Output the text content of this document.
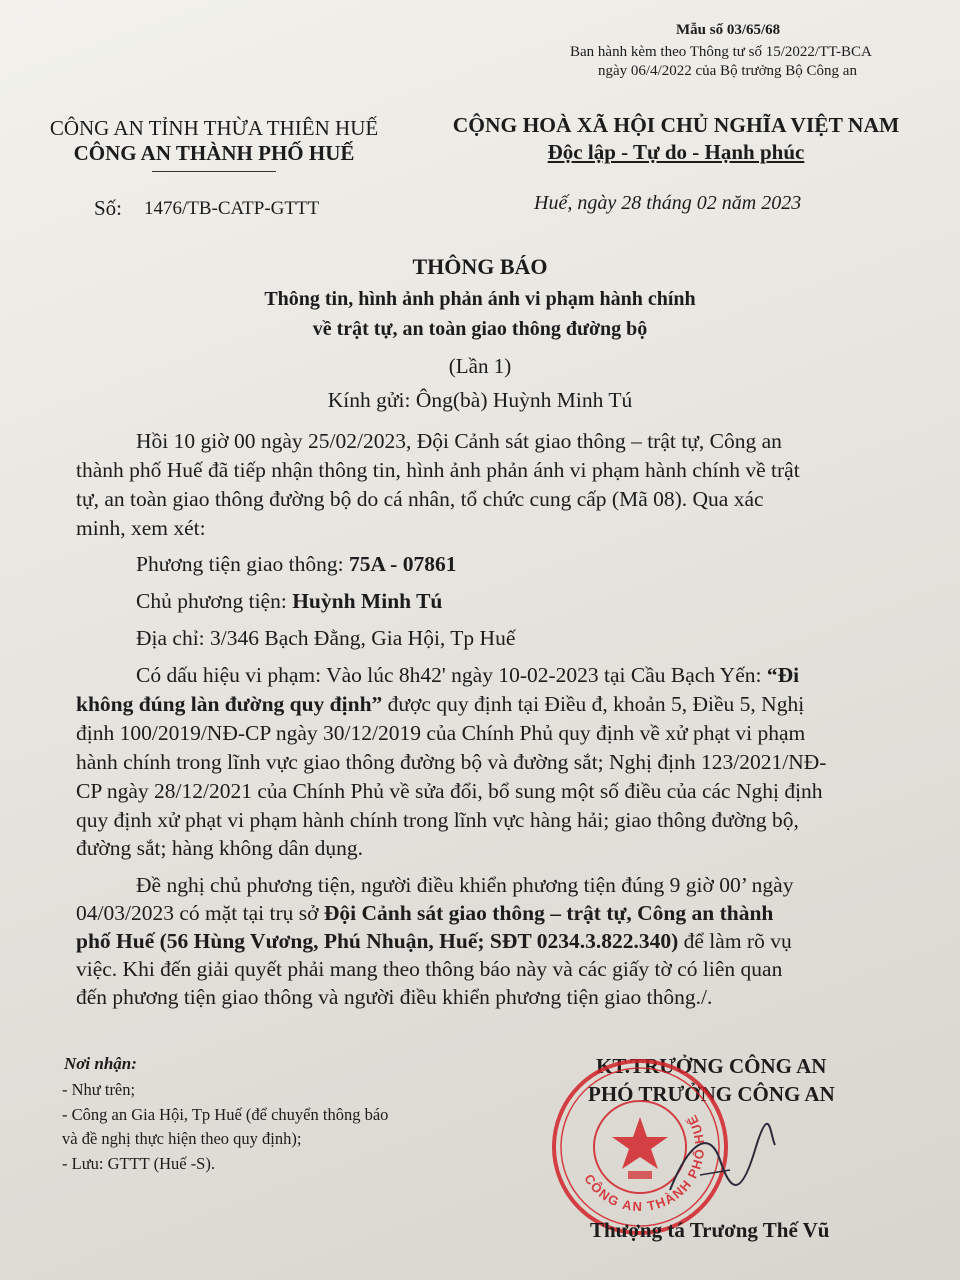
Mẫu số 03/65/68
Ban hành kèm theo Thông tư số 15/2022/TT-BCA
ngày 06/4/2022 của Bộ trưởng Bộ Công an
CÔNG AN TỈNH THỪA THIÊN HUẾ
CÔNG AN THÀNH PHỐ HUẾ
Số: 1476/TB-CATP-GTTT
CỘNG HOÀ XÃ HỘI CHỦ NGHĨA VIỆT NAM
Độc lập - Tự do - Hạnh phúc
Huế, ngày 28 tháng 02 năm 2023
THÔNG BÁO
Thông tin, hình ảnh phản ánh vi phạm hành chính
về trật tự, an toàn giao thông đường bộ
(Lần 1)
Kính gửi: Ông(bà) Huỳnh Minh Tú
Hồi 10 giờ 00 ngày 25/02/2023, Đội Cảnh sát giao thông – trật tự, Công an
thành phố Huế đã tiếp nhận thông tin, hình ảnh phản ánh vi phạm hành chính về trật
tự, an toàn giao thông đường bộ do cá nhân, tổ chức cung cấp (Mã 08). Qua xác
minh, xem xét:
Phương tiện giao thông: 75A - 07861
Chủ phương tiện: Huỳnh Minh Tú
Địa chỉ: 3/346 Bạch Đằng, Gia Hội, Tp Huế
Có dấu hiệu vi phạm: Vào lúc 8h42' ngày 10-02-2023 tại Cầu Bạch Yến: “Đi
không đúng làn đường quy định” được quy định tại Điều đ, khoản 5, Điều 5, Nghị
định 100/2019/NĐ-CP ngày 30/12/2019 của Chính Phủ quy định về xử phạt vi phạm
hành chính trong lĩnh vực giao thông đường bộ và đường sắt; Nghị định 123/2021/NĐ-
CP ngày 28/12/2021 của Chính Phủ về sửa đổi, bổ sung một số điều của các Nghị định
quy định xử phạt vi phạm hành chính trong lĩnh vực hàng hải; giao thông đường bộ,
đường sắt; hàng không dân dụng.
Đề nghị chủ phương tiện, người điều khiển phương tiện đúng 9 giờ 00’ ngày
04/03/2023 có mặt tại trụ sở Đội Cảnh sát giao thông – trật tự, Công an thành
phố Huế (56 Hùng Vương, Phú Nhuận, Huế; SĐT 0234.3.822.340) để làm rõ vụ
việc. Khi đến giải quyết phải mang theo thông báo này và các giấy tờ có liên quan
đến phương tiện giao thông và người điều khiển phương tiện giao thông./.
Nơi nhận:
- Như trên;
- Công an Gia Hội, Tp Huế (để chuyển thông báo
và đề nghị thực hiện theo quy định);
- Lưu: GTTT (Huế -S).
KT.TRƯỞNG CÔNG AN
PHÓ TRƯỞNG CÔNG AN
CÔNG AN THÀNH PHỐ HUẾ
Thượng tá Trương Thế Vũ
